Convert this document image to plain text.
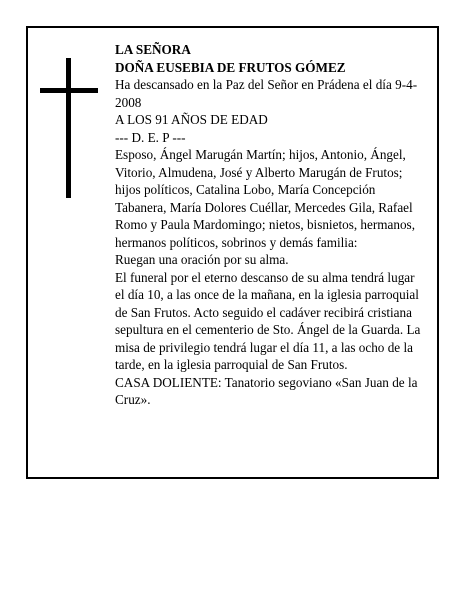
LA SEÑORA

DOÑA EUSEBIA DE FRUTOS GÓMEZ

Ha descansado en la Paz del Señor en Prádena el día 9-4-2008

A LOS 91 AÑOS DE EDAD

--- D. E. P ---

Esposo, Ángel Marugán Martín; hijos, Antonio, Ángel, Vitorio, Almudena, José y Alberto Marugán de Frutos; hijos políticos, Catalina Lobo, María Concepción Tabanera, María Dolores Cuéllar, Mercedes Gila, Rafael Romo y Paula Mardomingo; nietos, bisnietos, hermanos, hermanos políticos, sobrinos y demás familia:

Ruegan una oración por su alma.

El funeral por el eterno descanso de su alma tendrá lugar el día 10, a las once de la mañana, en la iglesia parroquial de San Frutos. Acto seguido el cadáver recibirá cristiana sepultura en el cementerio de Sto. Ángel de la Guarda. La misa de privilegio tendrá lugar el día 11, a las ocho de la tarde, en la iglesia parroquial de San Frutos.

CASA DOLIENTE: Tanatorio segoviano «San Juan de la Cruz».
